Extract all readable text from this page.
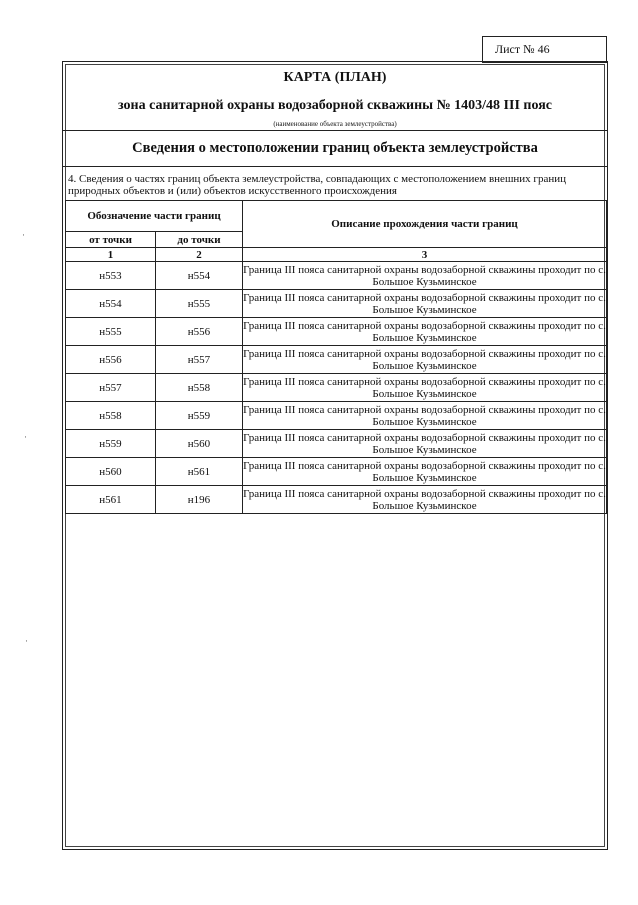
Лист № 46
КАРТА (ПЛАН)
зона санитарной охраны водозаборной скважины № 1403/48 III пояс
(наименование объекта землеустройства)
Сведения о местоположении границ объекта землеустройства
4. Сведения о частях границ объекта землеустройства, совпадающих с местоположением внешних границ природных объектов и (или) объектов искусственного происхождения
Обозначение части границ		Описание прохождения части границ
от точки	до точки	
1	2	3
н553	н554	Граница III пояса санитарной охраны водозаборной скважины проходит по с. Большое Кузьминское
н554	н555	Граница III пояса санитарной охраны водозаборной скважины проходит по с. Большое Кузьминское
н555	н556	Граница III пояса санитарной охраны водозаборной скважины проходит по с. Большое Кузьминское
н556	н557	Граница III пояса санитарной охраны водозаборной скважины проходит по с. Большое Кузьминское
н557	н558	Граница III пояса санитарной охраны водозаборной скважины проходит по с. Большое Кузьминское
н558	н559	Граница III пояса санитарной охраны водозаборной скважины проходит по с. Большое Кузьминское
н559	н560	Граница III пояса санитарной охраны водозаборной скважины проходит по с. Большое Кузьминское
н560	н561	Граница III пояса санитарной охраны водозаборной скважины проходит по с. Большое Кузьминское
н561	н196	Граница III пояса санитарной охраны водозаборной скважины проходит по с. Большое Кузьминское
·
·
·
